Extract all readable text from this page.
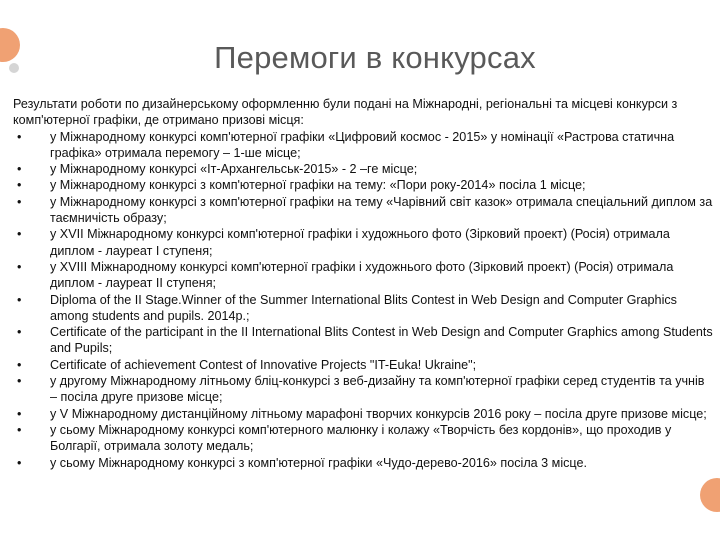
Перемоги в конкурсах

Результати роботи по дизайнерському оформленню були подані на Міжнародні, регіональні та місцеві конкурси з комп'ютерної графіки, де отримано призові місця:

• у Міжнародному конкурсі комп'ютерної графіки «Цифровий космос - 2015» у номінації «Растрова статична графіка» отримала перемогу – 1-ше місце;
• у Міжнародному конкурсі «Іт-Архангельськ-2015» - 2 –ге місце;
• у Міжнародному конкурсі з комп'ютерної графіки на тему: «Пори року-2014» посіла 1 місце;
• у Міжнародному конкурсі з комп'ютерної графіки на тему «Чарівний світ казок» отримала спеціальний диплом за таємничість образу;
• у XVII Міжнародному конкурсі комп'ютерної графіки і художнього фото (Зірковий проект) (Росія) отримала диплом - лауреат І ступеня;
• у XVIII Міжнародному конкурсі комп'ютерної графіки і художнього фото (Зірковий проект) (Росія) отримала диплом - лауреат ІІ ступеня;
• Diploma of the II Stage.Winner of the Summer International Blits Contest in Web Design and Computer Graphics among students and pupils. 2014р.;
• Certificate of the participant in the II International Blits Contest in Web Design and Computer Graphics among Students and Pupils;
• Certificate of achievement Contest of Innovative Projects "IT-Euka! Ukraine";
• у другому Міжнародному літньому бліц-конкурсі з веб-дизайну та комп'ютерної графіки серед студентів та учнів – посіла друге призове місце;
• у V Міжнародному дистанційному літньому марафоні творчих конкурсів 2016 року – посіла друге призове місце;
• у сьому Міжнародному конкурсі комп'ютерного малюнку і колажу «Творчість без кордонів», що проходив у Болгарії, отримала золоту медаль;
• у сьому Міжнародному конкурсі з комп'ютерної графіки «Чудо-дерево-2016» посіла 3 місце.
